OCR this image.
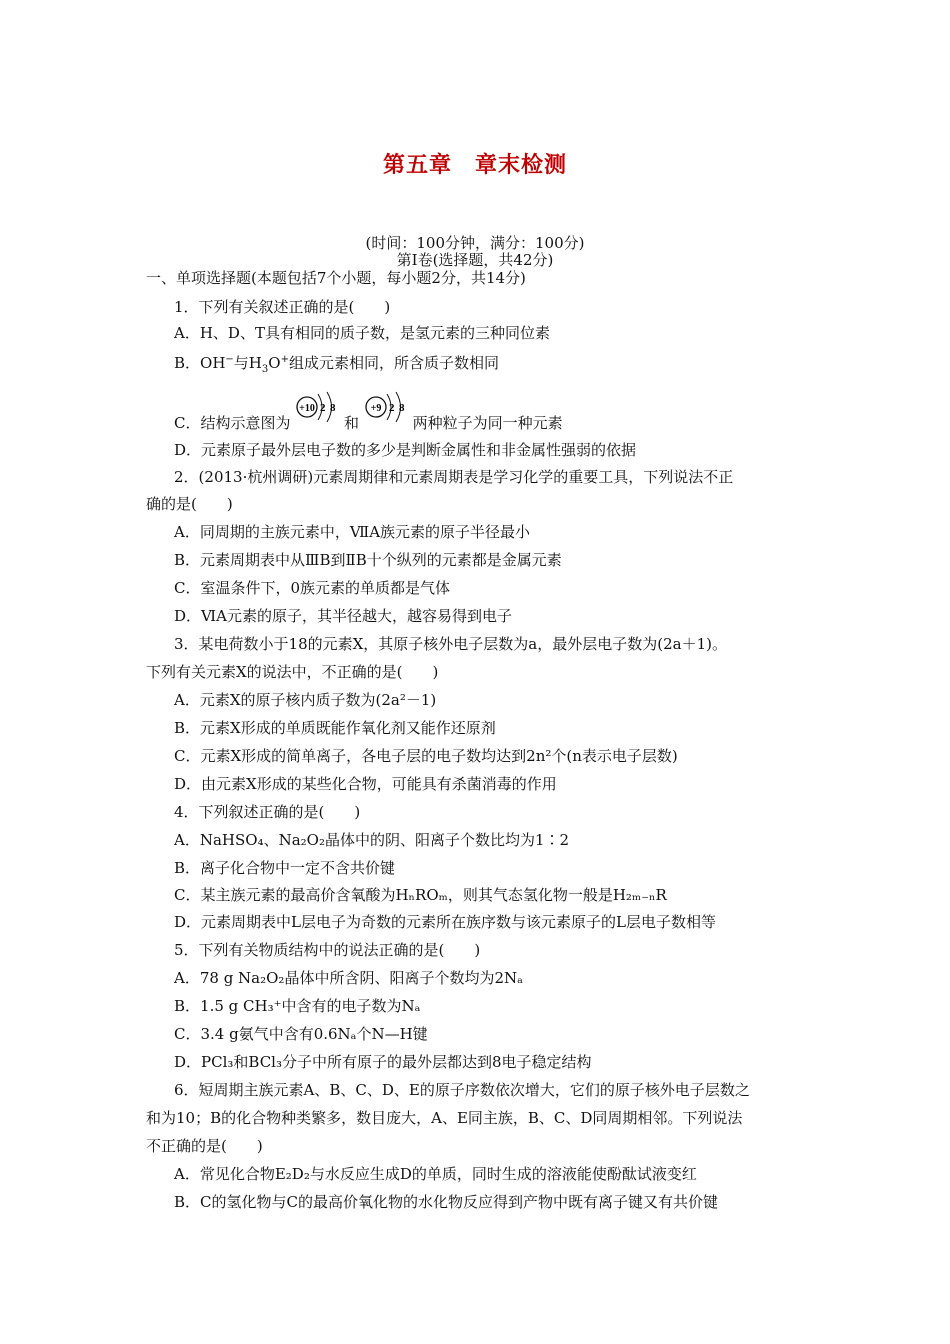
第五章　章末检测
(时间：100分钟，满分：100分)
第Ⅰ卷(选择题，共42分)
一、单项选择题(本题包括7个小题，每小题2分，共14分)
1．下列有关叙述正确的是(　　)
A．H、D、T具有相同的质子数，是氢元素的三种同位素
B．OH−与$H_3O^+$组成元素相同，所含质子数相同
C．结构示意图为
+10 2 8
和
+9 2 8
两种粒子为同一种元素
D．元素原子最外层电子数的多少是判断金属性和非金属性强弱的依据
2．(2013·杭州调研)元素周期律和元素周期表是学习化学的重要工具，下列说法不正
确的是(　　)
A．同周期的主族元素中，ⅦA族元素的原子半径最小
B．元素周期表中从ⅢB到ⅡB十个纵列的元素都是金属元素
C．室温条件下，0族元素的单质都是气体
D．ⅥA元素的原子，其半径越大，越容易得到电子
3．某电荷数小于18的元素X，其原子核外电子层数为a，最外层电子数为(2a＋1)。
下列有关元素X的说法中，不正确的是(　　)
A．元素X的原子核内质子数为(2a²－1)
B．元素X形成的单质既能作氧化剂又能作还原剂
C．元素X形成的简单离子，各电子层的电子数均达到2n²个(n表示电子层数)
D．由元素X形成的某些化合物，可能具有杀菌消毒的作用
4．下列叙述正确的是(　　)
A．NaHSO₄、Na₂O₂晶体中的阴、阳离子个数比均为1∶2
B．离子化合物中一定不含共价键
C．某主族元素的最高价含氧酸为HₙROₘ，则其气态氢化物一般是H₂ₘ₋ₙR
D．元素周期表中L层电子为奇数的元素所在族序数与该元素原子的L层电子数相等
5．下列有关物质结构中的说法正确的是(　　)
A．78 g Na₂O₂晶体中所含阴、阳离子个数均为2Nₐ
B．1.5 g CH₃⁺中含有的电子数为Nₐ
C．3.4 g氨气中含有0.6Nₐ个N—H键
D．PCl₃和BCl₃分子中所有原子的最外层都达到8电子稳定结构
6．短周期主族元素A、B、C、D、E的原子序数依次增大，它们的原子核外电子层数之
和为10；B的化合物种类繁多，数目庞大，A、E同主族，B、C、D同周期相邻。下列说法
不正确的是(　　)
A．常见化合物E₂D₂与水反应生成D的单质，同时生成的溶液能使酚酞试液变红
B．C的氢化物与C的最高价氧化物的水化物反应得到产物中既有离子键又有共价键
